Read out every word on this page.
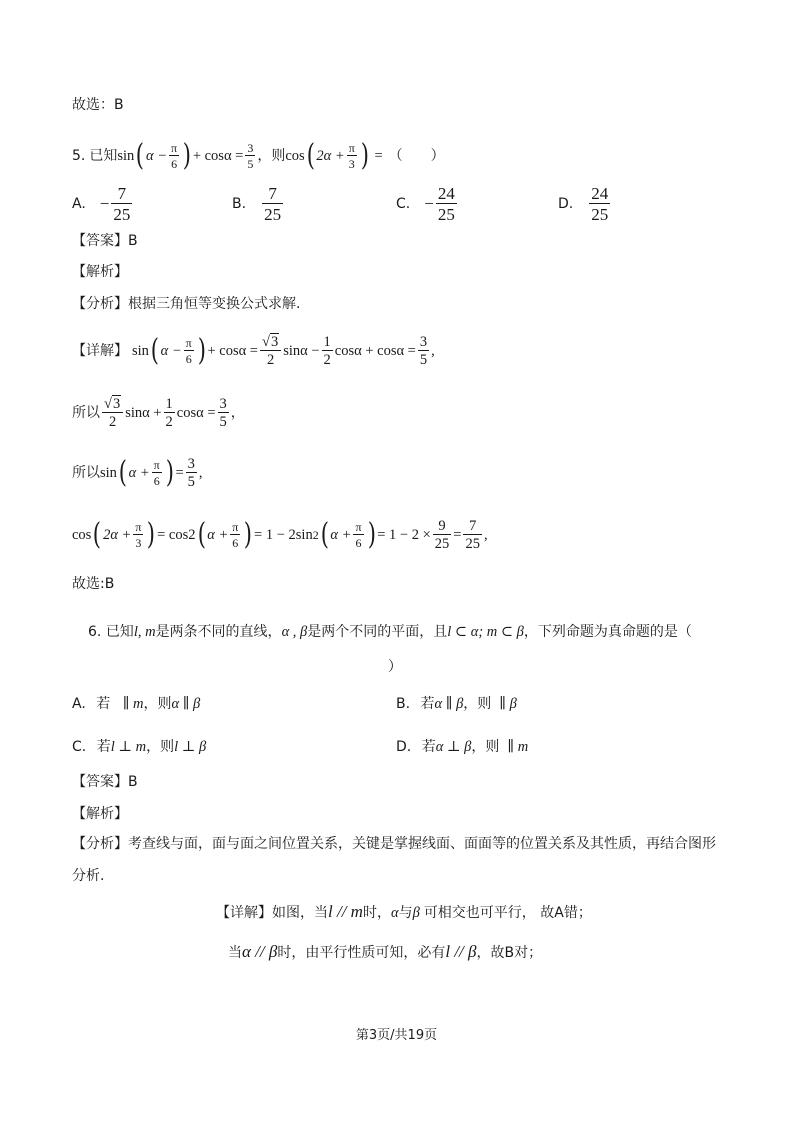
故选：B
5. 已知 sin ( $\alpha - \frac{\pi}{6}$ ) + $\cos\alpha = \frac{3}{5}$ ，则 cos ( $2\alpha + \frac{\pi}{3}$ ) = （　　）
A. − $\frac{7}{25}$	B. $\frac{7}{25}$	C. − $\frac{24}{25}$	D. $\frac{24}{25}$
【答案】B
【解析】
【分析】根据三角恒等变换公式求解.
【详解】 sin ( $\alpha - \frac{\pi}{6}$ ) + $\cos\alpha = \frac{√3}{2}$ $\sin\alpha - \frac{1}{2}$ $\cos\alpha + \cos\alpha = \frac{3}{5}$ ,
所以 $\frac{√3}{2}$ $\sin\alpha + \frac{1}{2}$ $\cos\alpha = \frac{3}{5}$ ，
所以 sin ( $\alpha + \frac{\pi}{6}$ ) = $\frac{3}{5}$ ,
cos ( $2\alpha + \frac{\pi}{3}$ ) = cos2 ( $\alpha + \frac{\pi}{6}$ ) = 1 − 2sin 2 ( $\alpha + \frac{\pi}{6}$ ) = $1 - 2 \times \frac{9}{25} = \frac{7}{25}$ ,
故选:B
6. 已知l, m是两条不同的直线，α , β是两个不同的平面，且l ⊂ α; m ⊂ β，下列命题为真命题的是（
）
A. 若 ∥ m，则α ∥ β	B. 若α ∥ β，则 ∥ β
C. 若l ⊥ m，则l ⊥ β	D. 若α ⊥ β，则 ∥ m
【答案】B
【解析】
【分析】考查线与面，面与面之间位置关系，关键是掌握线面、面面等的位置关系及其性质，再结合图形
分析.
【详解】如图，当l // m时，α与β 可相交也可平行， 故A错；
当α // β时，由平行性质可知，必有l // β，故B对；
第3页/共19页
